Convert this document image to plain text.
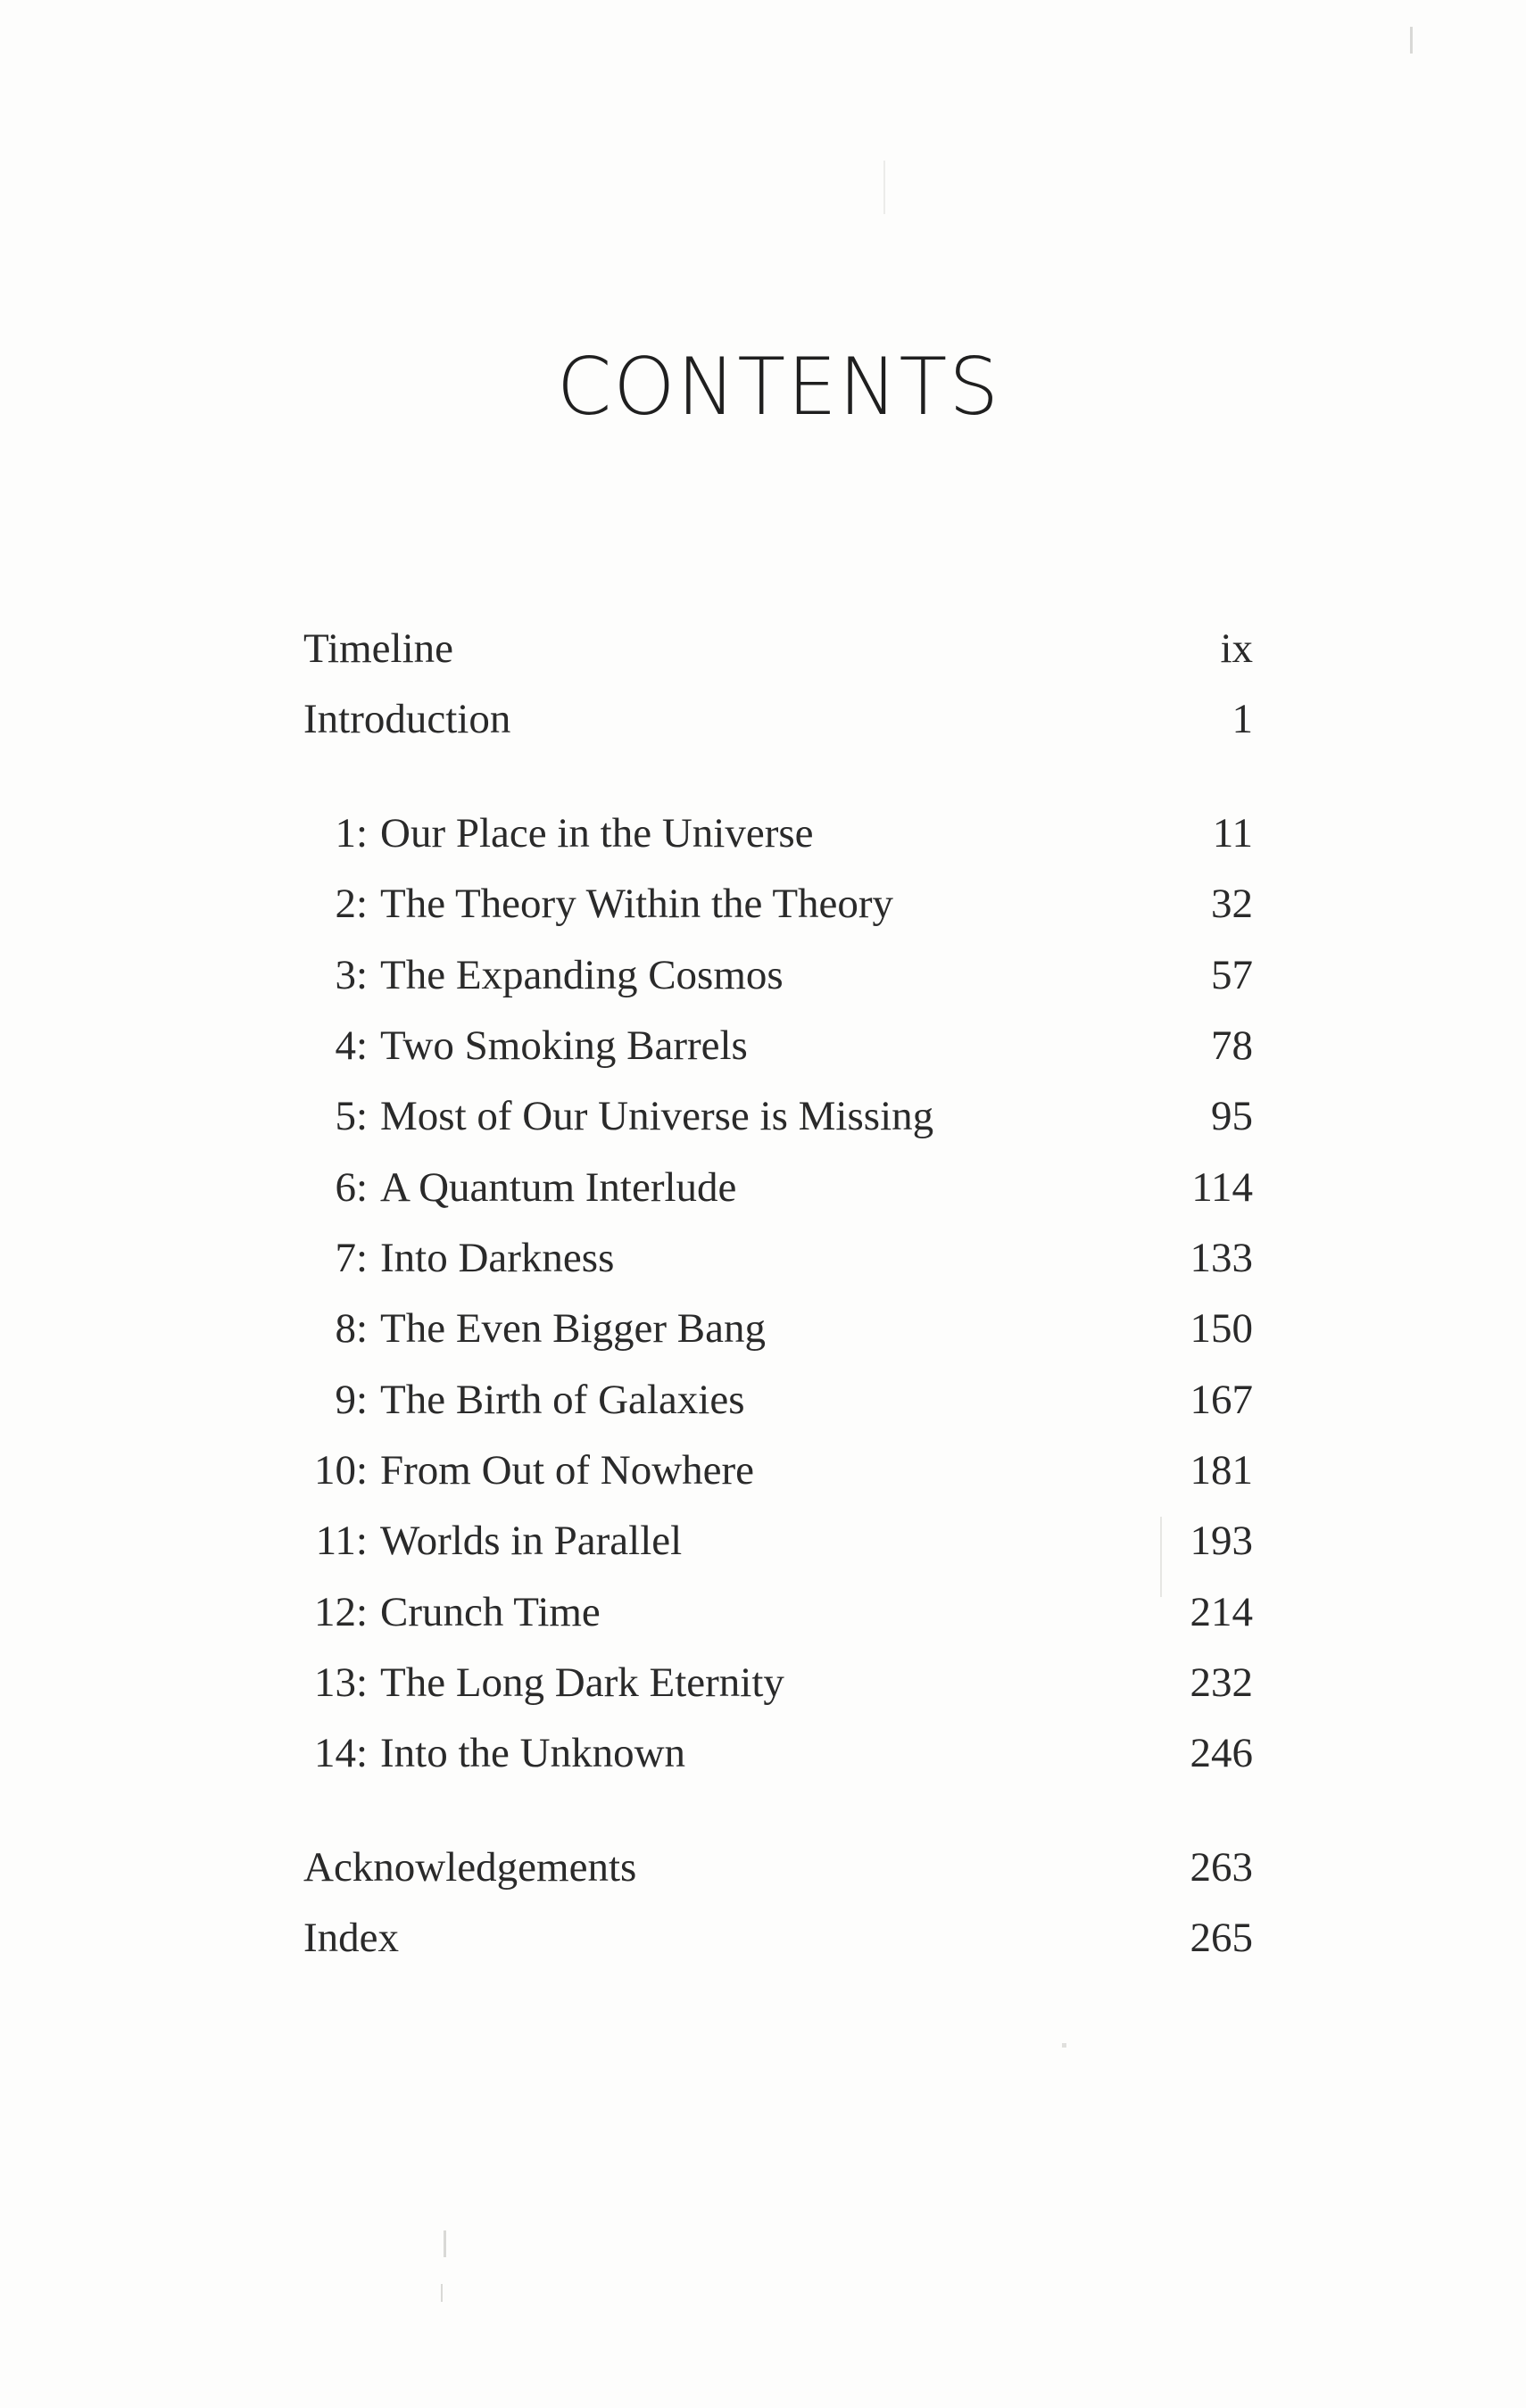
CONTENTS
Timeline	ix
Introduction	1
1: Our Place in the Universe	11
2: The Theory Within the Theory	32
3: The Expanding Cosmos	57
4: Two Smoking Barrels	78
5: Most of Our Universe is Missing	95
6: A Quantum Interlude	114
7: Into Darkness	133
8: The Even Bigger Bang	150
9: The Birth of Galaxies	167
10: From Out of Nowhere	181
11: Worlds in Parallel	193
12: Crunch Time	214
13: The Long Dark Eternity	232
14: Into the Unknown	246
Acknowledgements	263
Index	265
